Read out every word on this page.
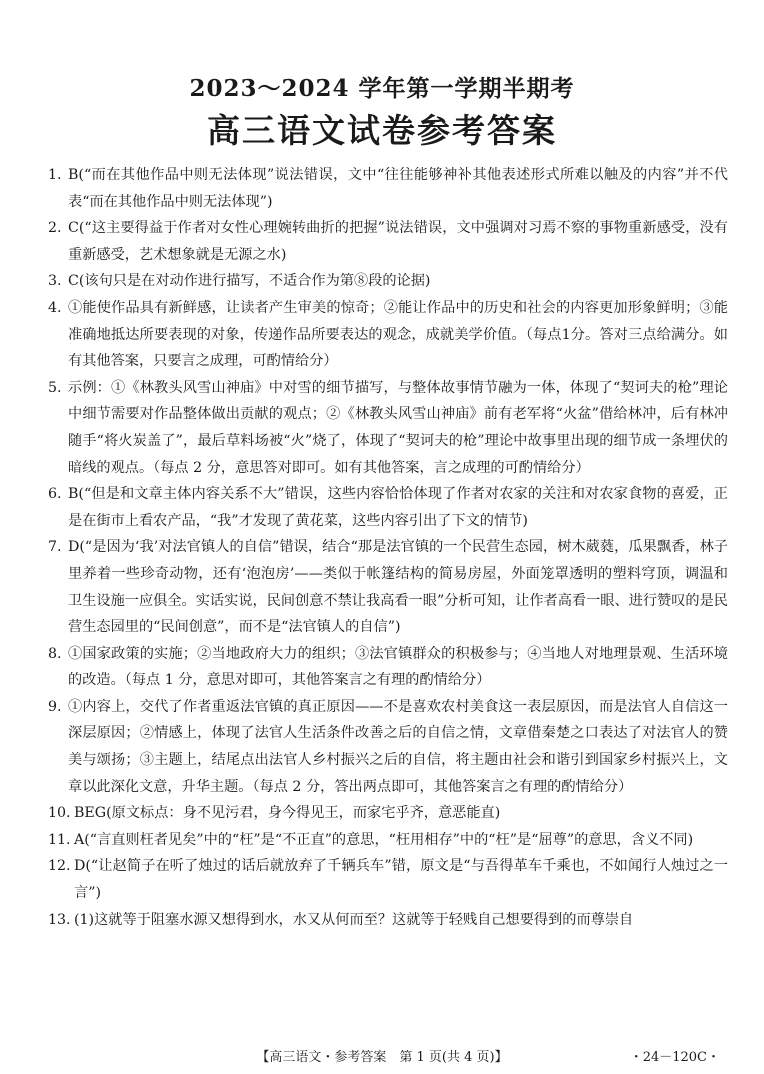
2023～2024 学年第一学期半期考
高三语文试卷参考答案
1. B(“而在其他作品中则无法体现”说法错误，文中“往往能够神补其他表述形式所难以触及的内容”并不代表“而在其他作品中则无法体现”)
2. C(“这主要得益于作者对女性心理婉转曲折的把握”说法错误，文中强调对习焉不察的事物重新感受，没有重新感受，艺术想象就是无源之水)
3. C(该句只是在对动作进行描写，不适合作为第⑧段的论据)
4. ①能使作品具有新鲜感，让读者产生审美的惊奇；②能让作品中的历史和社会的内容更加形象鲜明；③能准确地抵达所要表现的对象，传递作品所要表达的观念，成就美学价值。（每点1分。答对三点给满分。如有其他答案，只要言之成理，可酌情给分）
5. 示例：①《林教头风雪山神庙》中对雪的细节描写，与整体故事情节融为一体，体现了“契诃夫的枪”理论中细节需要对作品整体做出贡献的观点；②《林教头风雪山神庙》前有老军将“火盆”借给林冲，后有林冲随手“将火炭盖了”，最后草料场被“火”烧了，体现了“契诃夫的枪”理论中故事里出现的细节成一条埋伏的暗线的观点。（每点 2 分，意思答对即可。如有其他答案，言之成理的可酌情给分）
6. B(“但是和文章主体内容关系不大”错误，这些内容恰恰体现了作者对农家的关注和对农家食物的喜爱，正是在街市上看农产品，“我”才发现了黄花菜，这些内容引出了下文的情节)
7. D(“是因为‘我’对法官镇人的自信”错误，结合“那是法官镇的一个民营生态园，树木葳蕤，瓜果飘香，林子里养着一些珍奇动物，还有‘泡泡房’——类似于帐篷结构的简易房屋，外面笼罩透明的塑料穹顶，调温和卫生设施一应俱全。实话实说，民间创意不禁让我高看一眼”分析可知，让作者高看一眼、进行赞叹的是民营生态园里的“民间创意”，而不是“法官镇人的自信”)
8. ①国家政策的实施；②当地政府大力的组织；③法官镇群众的积极参与；④当地人对地理景观、生活环境的改造。（每点 1 分，意思对即可，其他答案言之有理的酌情给分）
9. ①内容上，交代了作者重返法官镇的真正原因——不是喜欢农村美食这一表层原因，而是法官人自信这一深层原因；②情感上，体现了法官人生活条件改善之后的自信之情，文章借秦楚之口表达了对法官人的赞美与颂扬；③主题上，结尾点出法官人乡村振兴之后的自信，将主题由社会和谐引到国家乡村振兴上，文章以此深化文意，升华主题。（每点 2 分，答出两点即可，其他答案言之有理的酌情给分）
10. BEG(原文标点：身不见污君，身今得见王，而家宅乎齐，意恶能直)
11. A(“言直则枉者见矣”中的“枉”是“不正直”的意思，“枉用相存”中的“枉”是“屈尊”的意思，含义不同)
12. D(“让赵简子在听了烛过的话后就放弃了千辆兵车”错，原文是“与吾得革车千乘也，不如闻行人烛过之一言”)
13. (1)这就等于阻塞水源又想得到水，水又从何而至？这就等于轻贱自己想要得到的而尊崇自
【高三语文・参考答案　第 1 页(共 4 页)】	・24－120C・
